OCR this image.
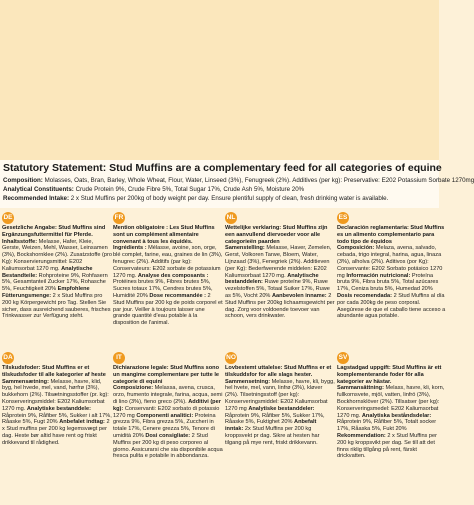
Statutory Statement: Stud Muffins are a complementary feed for all categories of equine
Composition: Molasses, Oats, Bran, Barley, Whole Wheat, Flour, Water, Linseed (3%), Fenugreek (2%). Additives (per kg): Preservative: E202 Potassium Sorbate 1270mg
Analytical Constituents: Crude Protein 9%, Crude Fibre 5%, Total Sugar 17%, Crude Ash 5%, Moisture 20%
Recommended Intake: 2 x Stud Muffins per 200kg of body weight per day. Ensure plentiful supply of clean, fresh drinking water is available.
DE
Gesetzliche Angabe: Stud Muffins sind Ergänzungsfuttermittel für Pferde.

Inhaltsstoffe: Melasse, Hafer, Kleie, Gerste, Weizen, Mehl, Wasser, Leinsamen (3%), Bockshornklee (2%). Zusatzstoffe (pro Kg): Konservierungsmittel: E202 Kaliumsorbat 1270 mg. Analytische Bestandteile: Rohproteine 9%, Rohfasern 5%, Gesamtanteil Zucker 17%, Rohasche 5%, Feuchtigkeit 20% Empfohlene Fütterungsmenge: 2 x Stud Muffins pro 200 kg Körpergewicht pro Tag. Stellen Sie sicher, dass ausreichend sauberes, frisches Trinkwasser zur Verfügung steht.

FR
Mention obligatoire : Les Stud Muffins sont un complément alimentaire convenant à tous les équidés.

Ingrédients : Mélasse, avoine, son, orge, blé complet, farine, eau, graines de lin (3%), fenugrec (2%). Additifs (par kg): Conservateurs: E202 sorbate de potassium 1270 mg. Analyse des composants : Protéines brutes 9%, Fibres brutes 5%, Sucres totaux 17%, Cendres brutes 5%, Humidité 20% Dose recommandée : 2 Stud Muffins par 200 kg de poids corporel et par jour. Veiller à toujours laisser une grande quantité d'eau potable à la disposition de l'animal.

NL
Wettelijke verklaring: Stud Muffins zijn een aanvullend diervoeder voor alle categorieën paarden

Samenstelling: Melasse, Haver, Zemelen, Gerst, Volkoren Tarwe, Bloem, Water, Lijnzaad (3%), Fenegriek (2%). Additieven (per Kg): Bederfwerende middelen: E202 Kaliumsorbaat 1270 mg. Analytische bestanddelen: Ruwe proteïne 9%, Ruwe vezelstoffen 5%, Totaal Suiker 17%, Ruwe as 5%, Vocht 20% Aanbevolen inname: 2 Stud Muffins per 200kg lichaamsgewicht per dag. Zorg voor voldoende toevoer van schoon, vers drinkwater.

ES
Declaración reglamentaria: Stud Muffins es un alimento complementario para todo tipo de équidos

Composición: Melaza, avena, salvado, cebada, trigo integral, harina, agua, linaza (3%), alholva (2%). Aditivos (por Kg): Conservante: E202 Sorbato potásico 1270 mg Información nutricional: Proteína bruta 9%, Fibra bruta 5%, Total azúcares 17%, Ceniza bruta 5%, Humedad 20% Dosis recomendada: 2 Stud Muffins al día por cada 200kg de peso corporal. Asegúrese de que el caballo tiene acceso a abundante agua potable.

DA
Tilskudsfoder: Stud Muffins er et tilskudsfoder til alle kategorier af heste

Sammensætning: Melasse, havre, klid, byg, hel hvede, mel, vand, hørfrø (3%), bukkehorn (2%). Tilsætningsstoffer (pr. kg): Konserveringsmiddel: E202 Kaliumsorbat 1270 mg. Analytiske bestanddele: Råprotein 9%, Råfiber 5%, Sukker i alt 17%, Råaske 5%, Fugt 20% Anbefalet indtag: 2 x Stud muffins per 200 kg legemsvægt per dag. Heste bør altid have rent og friskt drikkevand til rådighed.

IT
Dichiarazione legale: Stud Muffins sono un mangime complementare per tutte le categorie di equini

Composizione: Melassa, avena, crusca, orzo, frumento integrale, farina, acqua, semi di lino (3%), fieno greco (2%). Additivi (per kg): Conservanti: E202 sorbato di potassio 1270 mg Componenti analitici: Proteina grezza 9%, Fibra grezza 5%, Zuccheri in totale 17%, Cenere grezza 5%, Tenore di umidità 20% Dosi consigliate: 2 Stud Muffins per 200 kg di peso corporeo al giorno. Assicurarsi che sia disponibile acqua fresca pulita e potabile in abbondanza.

NO
Lovbestemt uttalelse: Stud Muffins er et tilskuddsfor for alle slags hester.

Sammensetning: Melasse, havre, kli, bygg, hel hvete, mel, vann, linfrø (3%), kløver (2%). Tilsetningsstoff (per kg): Konserveringsmiddel: E202 Kaliumsorbat 1270 mg Analytiske bestanddeler: Råprotein 9%, Råfiber 5%, Sukker 17%, Råaske 5%, Fuktighet 20% Anbefalt inntak: 2x Stud Muffins per 200 kg kroppsvekt pr dag. Sikre at hesten har tilgang på mye rent, friskt drikkevann.

SV
Lagstadgad uppgift: Stud Muffins är ett komplementerande foder för alla kategorier av hästar.

Sammansättning: Melass, havre, kli, korn, fullkornsvete, mjöl, vatten, linfrö (3%), Bockhornsklöver (2%). Tillsatser (per kg): Konserveringsmedel: E202 Kaliumsorbat 1270 mg. Analytiska beståndsdelar: Råprotein 9%, Råfiber 5%, Totalt socker 17%, Råaska 5%, Fukt 20% Rekommendation: 2 x Stud Muffins per 200 kg kroppsvikt per dag. Se till att det finns riklig tillgång på rent, färskt drickvatten.
